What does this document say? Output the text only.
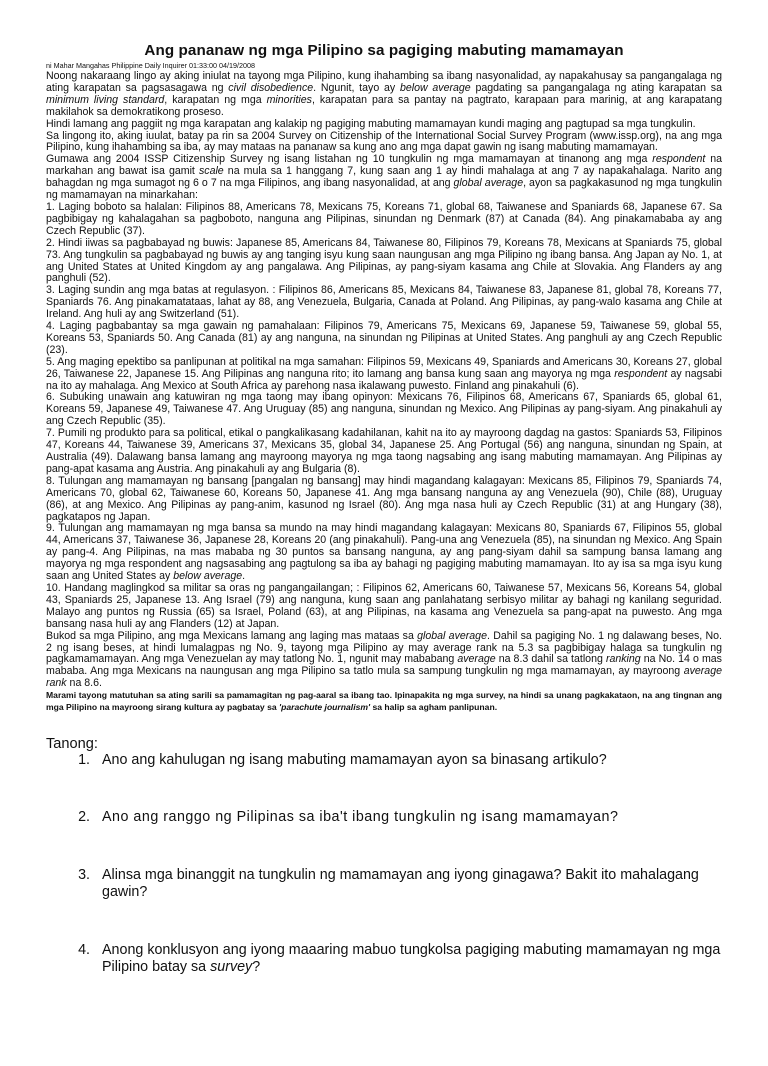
Ang pananaw ng mga Pilipino sa pagiging mabuting mamamayan
ni Mahar Mangahas Philippine Daily Inquirer 01:33:00 04/19/2008

Noong nakaraang lingo ay aking iniulat na tayong mga Pilipino, kung ihahambing sa ibang nasyonalidad, ay napakahusay sa pangangalaga ng ating karapatan sa pagsasagawa ng civil disobedience. Ngunit, tayo ay below average pagdating sa pangangalaga ng ating karapatan sa minimum living standard, karapatan ng mga minorities, karapatan para sa pantay na pagtrato, karapaan para marinig, at ang karapatang makilahok sa demokratikong proseso.

Hindi lamang ang paggiit ng mga karapatan ang kalakip ng pagiging mabuting mamamayan kundi maging ang pagtupad sa mga tungkulin.

Sa lingong ito, aking iuulat, batay pa rin sa 2004 Survey on Citizenship of the International Social Survey Program (www.issp.org), na ang mga Pilipino, kung ihahambing sa iba, ay may mataas na pananaw sa kung ano ang mga dapat gawin ng isang mabuting mamamayan.

Gumawa ang 2004 ISSP Citizenship Survey ng isang listahan ng 10 tungkulin ng mga mamamayan at tinanong ang mga respondent na markahan ang bawat isa gamit scale na mula sa 1 hanggang 7, kung saan ang 1 ay hindi mahalaga at ang 7 ay napakahalaga. Narito ang bahagdan ng mga sumagot ng 6 o 7 na mga Filipinos, ang ibang nasyonalidad, at ang global average, ayon sa pagkakasunod ng mga tungkulin ng mamamayan na minarkahan:

1. Laging boboto sa halalan: Filipinos 88, Americans 78, Mexicans 75, Koreans 71, global 68, Taiwanese and Spaniards 68, Japanese 67. Sa pagbibigay ng kahalagahan sa pagboboto, nanguna ang Pilipinas, sinundan ng Denmark (87) at Canada (84). Ang pinakamababa ay ang Czech Republic (37).

2. Hindi iiwas sa pagbabayad ng buwis: Japanese 85, Americans 84, Taiwanese 80, Filipinos 79, Koreans 78, Mexicans at Spaniards 75, global 73. Ang tungkulin sa pagbabayad ng buwis ay ang tanging isyu kung saan naungusan ang mga Pilipino ng ibang bansa. Ang Japan ay No. 1, at ang United States at United Kingdom ay ang pangalawa. Ang Pilipinas, ay pang-siyam kasama ang Chile at Slovakia. Ang Flanders ay ang panghuli (52).

3. Laging sundin ang mga batas at regulasyon. : Filipinos 86, Americans 85, Mexicans 84, Taiwanese 83, Japanese 81, global 78, Koreans 77, Spaniards 76. Ang pinakamatataas, lahat ay 88, ang Venezuela, Bulgaria, Canada at Poland. Ang Pilipinas, ay pang-walo kasama ang Chile at Ireland. Ang huli ay ang Switzerland (51).

4. Laging pagbabantay sa mga gawain ng pamahalaan: Filipinos 79, Americans 75, Mexicans 69, Japanese 59, Taiwanese 59, global 55, Koreans 53, Spaniards 50. Ang Canada (81) ay ang nanguna, na sinundan ng Pilipinas at United States. Ang panghuli ay ang Czech Republic (23).

5. Ang maging epektibo sa panlipunan at politikal na mga samahan: Filipinos 59, Mexicans 49, Spaniards and Americans 30, Koreans 27, global 26, Taiwanese 22, Japanese 15. Ang Pilipinas ang nanguna rito; ito lamang ang bansa kung saan ang mayorya ng mga respondent ay nagsabi na ito ay mahalaga. Ang Mexico at South Africa ay parehong nasa ikalawang puwesto. Finland ang pinakahuli (6).

6. Subuking unawain ang katuwiran ng mga taong may ibang opinyon: Mexicans 76, Filipinos 68, Americans 67, Spaniards 65, global 61, Koreans 59, Japanese 49, Taiwanese 47. Ang Uruguay (85) ang nanguna, sinundan ng Mexico. Ang Pilipinas ay pang-siyam. Ang pinakahuli ay ang Czech Republic (35).

7. Pumili ng produkto para sa political, etikal o pangkalikasang kadahilanan, kahit na ito ay mayroong dagdag na gastos: Spaniards 53, Filipinos 47, Koreans 44, Taiwanese 39, Americans 37, Mexicans 35, global 34, Japanese 25. Ang Portugal (56) ang nanguna, sinundan ng Spain, at Australia (49). Dalawang bansa lamang ang mayroong mayorya ng mga taong nagsabing ang isang mabuting mamamayan. Ang Pilipinas ay pang-apat kasama ang Austria. Ang pinakahuli ay ang Bulgaria (8).

8. Tulungan ang mamamayan ng bansang [pangalan ng bansang] may hindi magandang kalagayan: Mexicans 85, Filipinos 79, Spaniards 74, Americans 70, global 62, Taiwanese 60, Koreans 50, Japanese 41. Ang mga bansang nanguna ay ang Venezuela (90), Chile (88), Uruguay (86), at ang Mexico. Ang Pilipinas ay pang-anim, kasunod ng Israel (80). Ang mga nasa huli ay Czech Republic (31) at ang Hungary (38), pagkatapos ng Japan.

9. Tulungan ang mamamayan ng mga bansa sa mundo na may hindi magandang kalagayan: Mexicans 80, Spaniards 67, Filipinos 55, global 44, Americans 37, Taiwanese 36, Japanese 28, Koreans 20 (ang pinakahuli). Pang-una ang Venezuela (85), na sinundan ng Mexico. Ang Spain ay pang-4. Ang Pilipinas, na mas mababa ng 30 puntos sa bansang nanguna, ay ang pang-siyam dahil sa sampung bansa lamang ang mayorya ng mga respondent ang nagsasabing ang pagtulong sa iba ay bahagi ng pagiging mabuting mamamayan. Ito ay isa sa mga isyu kung saan ang United States ay below average.

10. Handang maglingkod sa militar sa oras ng pangangailangan; : Filipinos 62, Americans 60, Taiwanese 57, Mexicans 56, Koreans 54, global 43, Spaniards 25, Japanese 13. Ang Israel (79) ang nanguna, kung saan ang panlahatang serbisyo militar ay bahagi ng kanilang seguridad. Malayo ang puntos ng Russia (65) sa Israel, Poland (63), at ang Pilipinas, na kasama ang Venezuela sa pang-apat na puwesto. Ang mga bansang nasa huli ay ang Flanders (12) at Japan.

Bukod sa mga Pilipino, ang mga Mexicans lamang ang laging mas mataas sa global average. Dahil sa pagiging No. 1 ng dalawang beses, No. 2 ng isang beses, at hindi lumalagpas ng No. 9, tayong mga Pilipino ay may average rank na 5.3 sa pagbibigay halaga sa tungkulin ng pagkamamamayan. Ang mga Venezuelan ay may tatlong No. 1, ngunit may mababang average na 8.3 dahil sa tatlong ranking na No. 14 o mas mababa. Ang mga Mexicans na naungusan ang mga Pilipino sa tatlo mula sa sampung tungkulin ng mga mamamayan, ay mayroong average rank na 8.6.

Marami tayong matutuhan sa ating sarili sa pamamagitan ng pag-aaral sa ibang tao. Ipinapakita ng mga survey, na hindi sa unang pagkakataon, na ang tingnan ang mga Pilipino na mayroong sirang kultura ay pagbatay sa 'parachute journalism' sa halip sa agham panlipunan.

Tanong:
1. Ano ang kahulugan ng isang mabuting mamamayan ayon sa binasang artikulo?
2. Ano ang ranggo ng Pilipinas sa iba't ibang tungkulin ng isang mamamayan?
3. Alinsa mga binanggit na tungkulin ng mamamayan ang iyong ginagawa? Bakit ito mahalagang gawin?
4. Anong konklusyon ang iyong maaaring mabuo tungkolsa pagiging mabuting mamamayan ng mga Pilipino batay sa survey?
